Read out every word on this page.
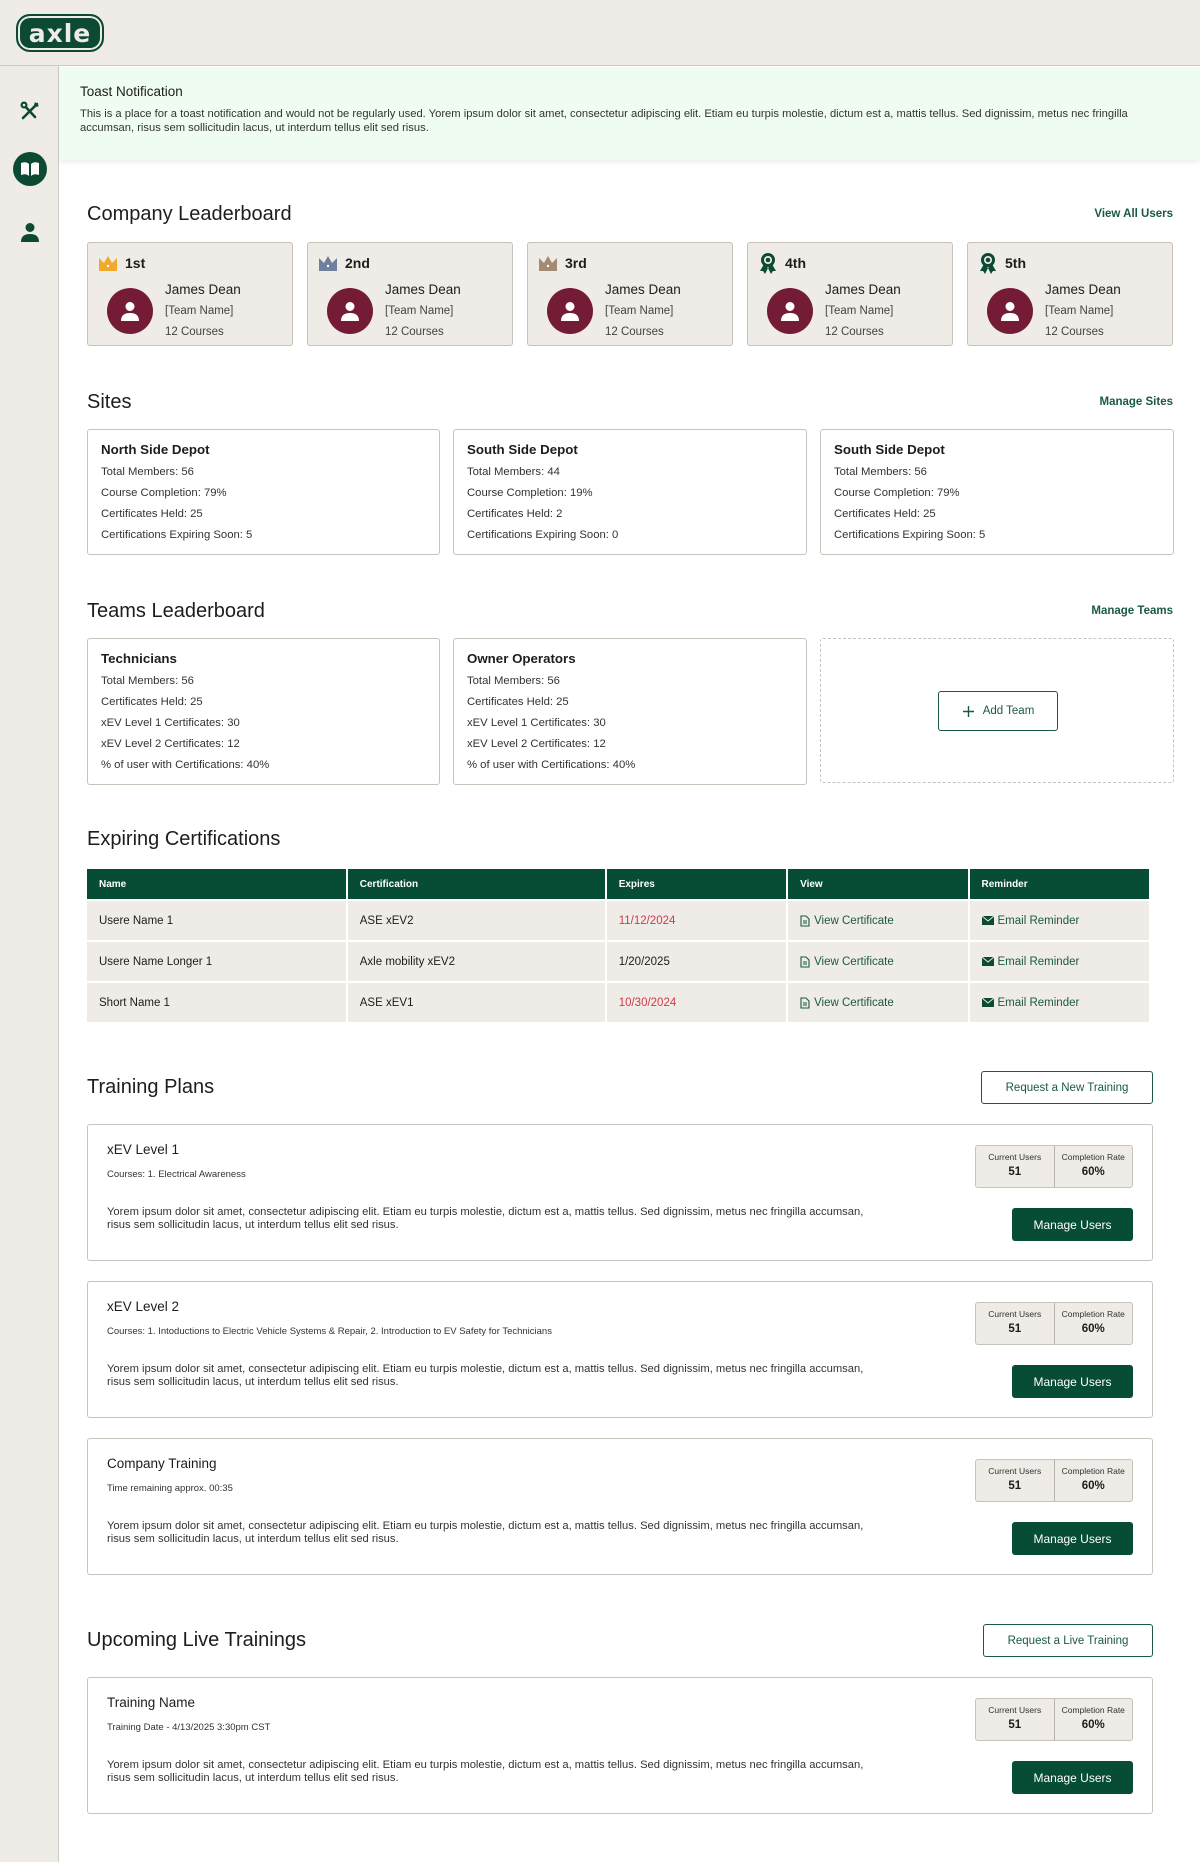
axle
Toast Notification

This is a place for a toast notification and would not be regularly used. Yorem ipsum dolor sit amet, consectetur adipiscing elit. Etiam eu turpis molestie, dictum est a, mattis tellus. Sed dignissim, metus nec fringilla accumsan, risus sem sollicitudin lacus, ut interdum tellus elit sed risus.

Company Leaderboard	View All Users
1st
James Dean
[Team Name]
12 Courses
2nd
James Dean
[Team Name]
12 Courses
3rd
James Dean
[Team Name]
12 Courses
4th
James Dean
[Team Name]
12 Courses
5th
James Dean
[Team Name]
12 Courses
Sites	Manage Sites
North Side Depot
Total Members: 56
Course Completion: 79%
Certificates Held: 25
Certifications Expiring Soon: 5
South Side Depot
Total Members: 44
Course Completion: 19%
Certificates Held: 2
Certifications Expiring Soon: 0
South Side Depot
Total Members: 56
Course Completion: 79%
Certificates Held: 25
Certifications Expiring Soon: 5
Teams Leaderboard	Manage Teams
Technicians
Total Members: 56
Certificates Held: 25
xEV Level 1 Certificates: 30
xEV Level 2 Certificates: 12
% of user with Certifications: 40%
Owner Operators
Total Members: 56
Certificates Held: 25
xEV Level 1 Certificates: 30
xEV Level 2 Certificates: 12
% of user with Certifications: 40%
Add Team
Expiring Certifications
Name	Certification	Expires	View	Reminder
Usere Name 1	ASE xEV2	11/12/2024	View Certificate	Email Reminder

Usere Name Longer 1	Axle mobility xEV2	1/20/2025	View Certificate	Email Reminder

Short Name 1	ASE xEV1	10/30/2024	View Certificate	Email Reminder
Training Plans	Request a New Training
xEV Level 1
Courses: 1. Electrical Awareness
Yorem ipsum dolor sit amet, consectetur adipiscing elit. Etiam eu turpis molestie, dictum est a, mattis tellus. Sed dignissim, metus nec fringilla accumsan, risus sem sollicitudin lacus, ut interdum tellus elit sed risus.
Current Users
51
Completion Rate
60%
Manage Users
xEV Level 2
Courses: 1. Intoductions to Electric Vehicle Systems & Repair, 2. Introduction to EV Safety for Technicians
Yorem ipsum dolor sit amet, consectetur adipiscing elit. Etiam eu turpis molestie, dictum est a, mattis tellus. Sed dignissim, metus nec fringilla accumsan, risus sem sollicitudin lacus, ut interdum tellus elit sed risus.
Current Users
51
Completion Rate
60%
Manage Users
Company Training
Time remaining approx. 00:35
Yorem ipsum dolor sit amet, consectetur adipiscing elit. Etiam eu turpis molestie, dictum est a, mattis tellus. Sed dignissim, metus nec fringilla accumsan, risus sem sollicitudin lacus, ut interdum tellus elit sed risus.
Current Users
51
Completion Rate
60%
Manage Users
Upcoming Live Trainings	Request a Live Training
Training Name
Training Date - 4/13/2025 3:30pm CST
Yorem ipsum dolor sit amet, consectetur adipiscing elit. Etiam eu turpis molestie, dictum est a, mattis tellus. Sed dignissim, metus nec fringilla accumsan, risus sem sollicitudin lacus, ut interdum tellus elit sed risus.
Current Users
51
Completion Rate
60%
Manage Users
